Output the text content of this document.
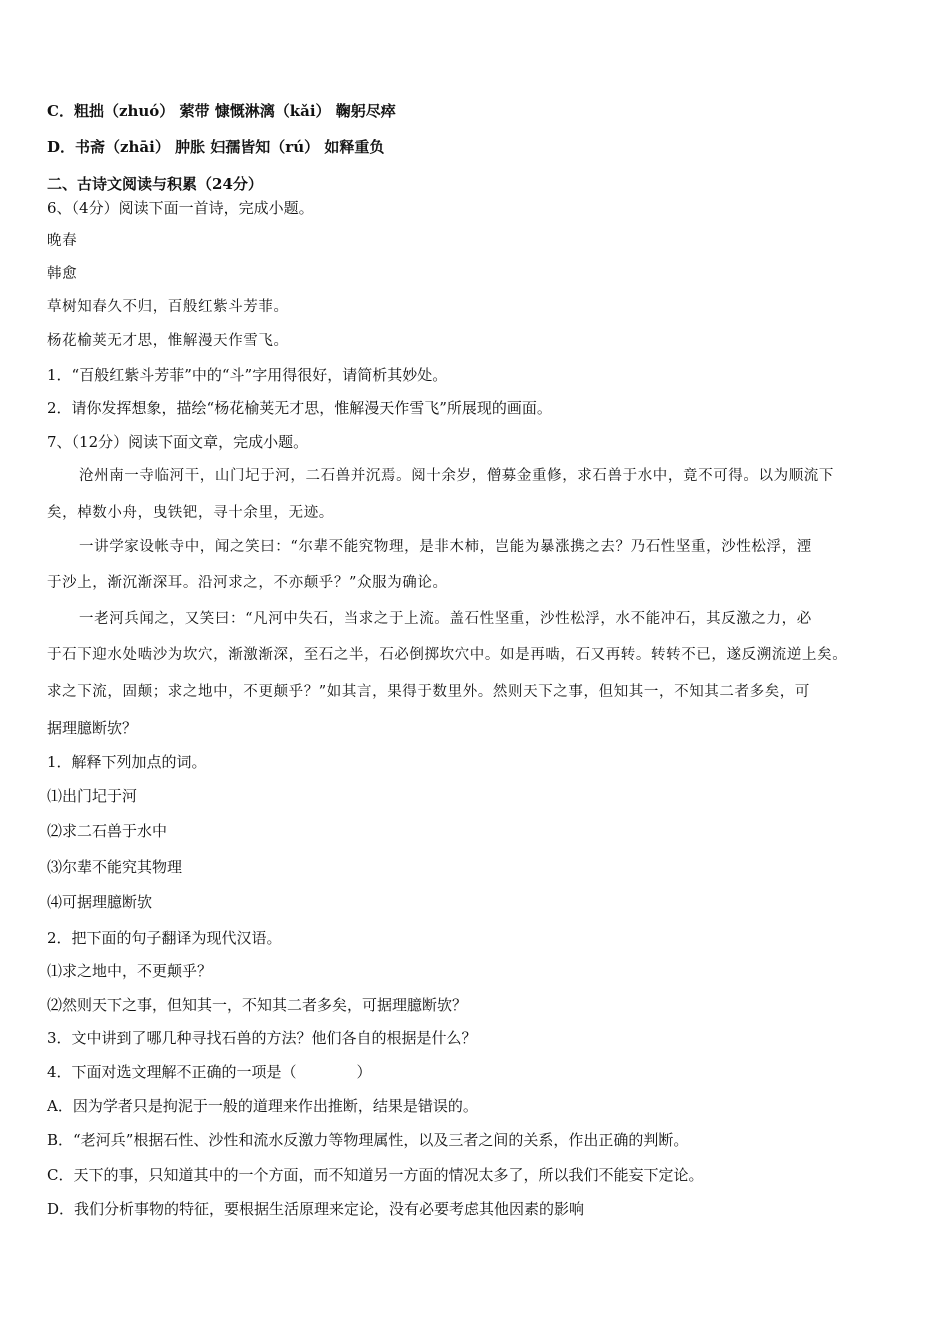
C．粗拙（zhuó） 萦带 慷慨淋漓（kǎi） 鞠躬尽瘁
D．书斋（zhāi） 肿胀 妇孺皆知（rú） 如释重负
二、古诗文阅读与积累（24分）
6、（4分）阅读下面一首诗，完成小题。
晚春
韩愈
草树知春久不归，百般红紫斗芳菲。
杨花榆荚无才思，惟解漫天作雪飞。
1．“百般红紫斗芳菲”中的“斗”字用得很好，请简析其妙处。
2．请你发挥想象，描绘“杨花榆荚无才思，惟解漫天作雪飞”所展现的画面。
7、（12分）阅读下面文章，完成小题。
沧州南一寺临河干，山门圮于河，二石兽并沉焉。阅十余岁，僧募金重修，求石兽于水中，竟不可得。以为顺流下
矣，棹数小舟，曳铁钯，寻十余里，无迹。
一讲学家设帐寺中，闻之笑曰：“尔辈不能究物理，是非木柿，岂能为暴涨携之去？乃石性坚重，沙性松浮，湮
于沙上，渐沉渐深耳。沿河求之，不亦颠乎？”众服为确论。
一老河兵闻之，又笑曰：“凡河中失石，当求之于上流。盖石性坚重，沙性松浮，水不能冲石，其反激之力，必
于石下迎水处啮沙为坎穴，渐激渐深，至石之半，石必倒掷坎穴中。如是再啮，石又再转。转转不已，遂反溯流逆上矣。
求之下流，固颠；求之地中，不更颠乎？”如其言，果得于数里外。然则天下之事，但知其一，不知其二者多矣，可
据理臆断欤？
1．解释下列加点的词。
⑴出门圮于河
⑵求二石兽于水中
⑶尔辈不能究其物理
⑷可据理臆断欤
2．把下面的句子翻译为现代汉语。
⑴求之地中，不更颠乎？
⑵然则天下之事，但知其一，不知其二者多矣，可据理臆断欤？
3．文中讲到了哪几种寻找石兽的方法？他们各自的根据是什么？
4．下面对选文理解不正确的一项是（　　　　）
A．因为学者只是拘泥于一般的道理来作出推断，结果是错误的。
B．“老河兵”根据石性、沙性和流水反激力等物理属性，以及三者之间的关系，作出正确的判断。
C．天下的事，只知道其中的一个方面，而不知道另一方面的情况太多了，所以我们不能妄下定论。
D．我们分析事物的特征，要根据生活原理来定论，没有必要考虑其他因素的影响
